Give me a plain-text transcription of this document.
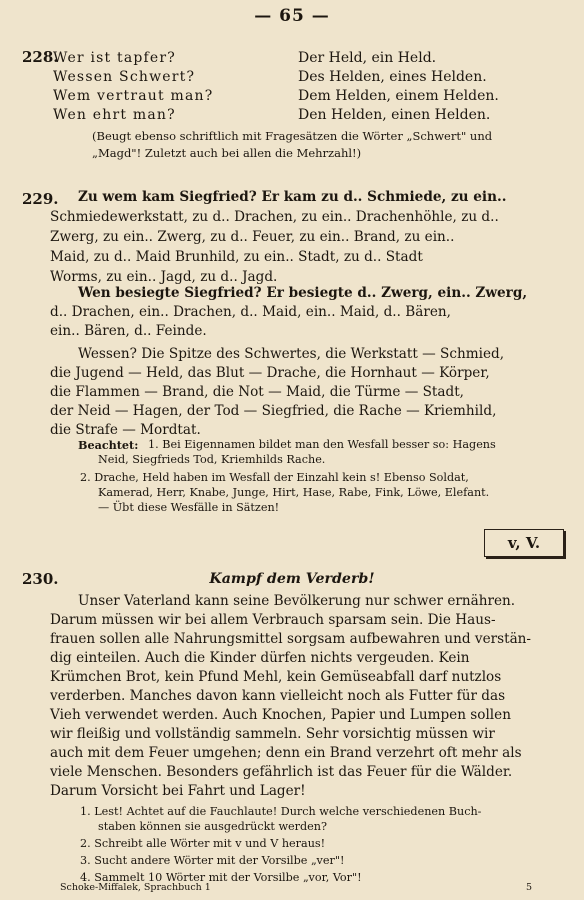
— 65 —
228.
Wer ist tapfer?
Wessen Schwert?
Wem vertraut man?
Wen ehrt man?
Der Held, ein Held.
Des Helden, eines Helden.
Dem Helden, einem Helden.
Den Helden, einen Helden.
(Beugt ebenso schriftlich mit Fragesätzen die Wörter „Schwert" und
„Magd"! Zuletzt auch bei allen die Mehrzahl!)
229. Zu wem kam Siegfried? Er kam zu d.. Schmiede, zu ein..
Schmiedewerkstatt, zu d.. Drachen, zu ein.. Drachenhöhle, zu d..
Zwerg, zu ein.. Zwerg, zu d.. Feuer, zu ein.. Brand, zu ein..
Maid, zu d.. Maid Brunhild, zu ein.. Stadt, zu d.. Stadt
Worms, zu ein.. Jagd, zu d.. Jagd.
Wen besiegte Siegfried? Er besiegte d.. Zwerg, ein.. Zwerg,
d.. Drachen, ein.. Drachen, d.. Maid, ein.. Maid, d.. Bären,
ein.. Bären, d.. Feinde.
Wessen? Die Spitze des Schwertes, die Werkstatt — Schmied,
die Jugend — Held, das Blut — Drache, die Hornhaut — Körper,
die Flammen — Brand, die Not — Maid, die Türme — Stadt,
der Neid — Hagen, der Tod — Siegfried, die Rache — Kriemhild,
die Strafe — Mordtat.
Beachtet: 1. Bei Eigennamen bildet man den Wesfall besser so: Hagens
Neid, Siegfrieds Tod, Kriemhilds Rache.
2. Drache, Held haben im Wesfall der Einzahl kein s! Ebenso Soldat,
Kamerad, Herr, Knabe, Junge, Hirt, Hase, Rabe, Fink, Löwe, Elefant.
— Übt diese Wesfälle in Sätzen!
v, V.
230.	Kampf dem Verderb!
Unser Vaterland kann seine Bevölkerung nur schwer ernähren.
Darum müssen wir bei allem Verbrauch sparsam sein. Die Haus-
frauen sollen alle Nahrungsmittel sorgsam aufbewahren und verstän-
dig einteilen. Auch die Kinder dürfen nichts vergeuden. Kein
Krümchen Brot, kein Pfund Mehl, kein Gemüseabfall darf nutzlos
verderben. Manches davon kann vielleicht noch als Futter für das
Vieh verwendet werden. Auch Knochen, Papier und Lumpen sollen
wir fleißig und vollständig sammeln. Sehr vorsichtig müssen wir
auch mit dem Feuer umgehen; denn ein Brand verzehrt oft mehr als
viele Menschen. Besonders gefährlich ist das Feuer für die Wälder.
Darum Vorsicht bei Fahrt und Lager!
1. Lest! Achtet auf die Fauchlaute! Durch welche verschiedenen Buch-
staben können sie ausgedrückt werden?
2. Schreibt alle Wörter mit v und V heraus!
3. Sucht andere Wörter mit der Vorsilbe „ver"!
4. Sammelt 10 Wörter mit der Vorsilbe „vor, Vor"!
Schoke-Miffalek, Sprachbuch 1	5
